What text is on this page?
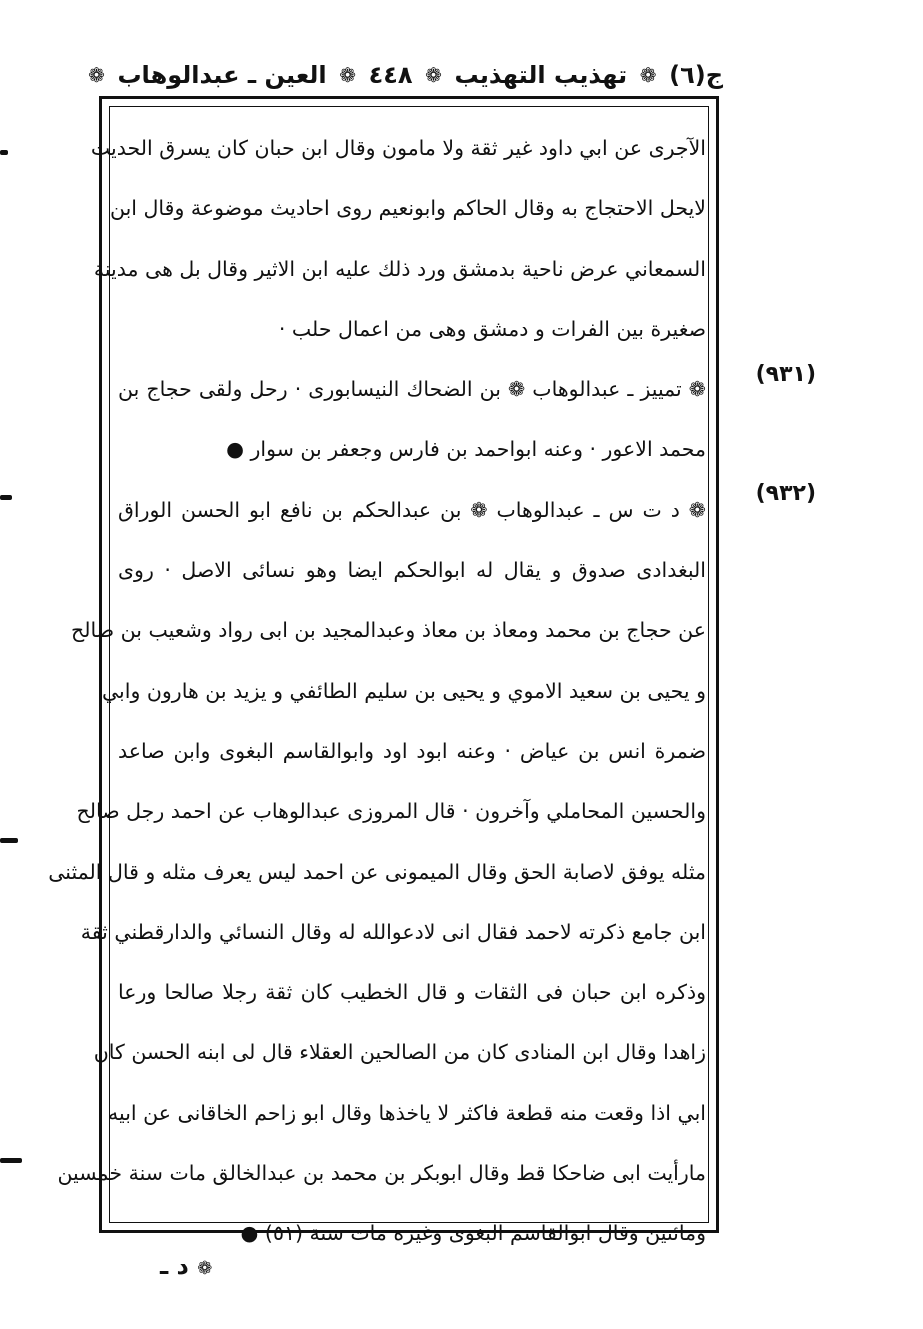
ج(٦)
❁
تهذيب التهذيب
❁
٤٤٨
❁
العين ـ عبدالوهاب
❁
الآجرى عن ابي داود غير ثقة ولا مامون وقال ابن حبان كان يسرق الحديث
لايحل الاحتجاج به وقال الحاكم وابونعيم روى احاديث موضوعة وقال ابن
السمعاني عرض ناحية بدمشق ورد ذلك عليه ابن الاثير وقال بل هى مدينة
صغيرة بين الفرات و دمشق وهى من اعمال حلب ·
❁ تمييز ـ عبدالوهاب ❁ بن الضحاك النيسابورى · رحل ولقى حجاج بن
محمد الاعور · وعنه ابواحمد بن فارس وجعفر بن سوار ●
❁ د ت س ـ عبدالوهاب ❁ بن عبدالحكم بن نافع ابو الحسن الوراق
البغدادى صدوق و يقال له ابوالحكم ايضا وهو نسائى الاصل · روى
عن حجاج بن محمد ومعاذ بن معاذ وعبدالمجيد بن ابى رواد وشعيب بن صالح
و يحيى بن سعيد الاموي و يحيى بن سليم الطائفي و يزيد بن هارون وابي
ضمرة انس بن عياض · وعنه ابود اود وابوالقاسم البغوى وابن صاعد
والحسين المحاملي وآخرون · قال المروزى عبدالوهاب عن احمد رجل صالح
مثله يوفق لاصابة الحق وقال الميمونى عن احمد ليس يعرف مثله و قال المثنى
ابن جامع ذكرته لاحمد فقال انى لادعوالله له وقال النسائي والدارقطني ثقة
وذكره ابن حبان فى الثقات و قال الخطيب كان ثقة رجلا صالحا ورعا
زاهدا وقال ابن المنادى كان من الصالحين العقلاء قال لى ابنه الحسن كان
ابي اذا وقعت منه قطعة فاكثر لا ياخذها وقال ابو زاحم الخاقانى عن ابيه
مارأيت ابى ضاحكا قط وقال ابوبكر بن محمد بن عبدالخالق مات سنة خمسين
ومائتين وقال ابوالقاسم البغوى وغيره مات سنة (٥١) ●
(٩٣١)
(٩٣٢)
❁ د ـ
